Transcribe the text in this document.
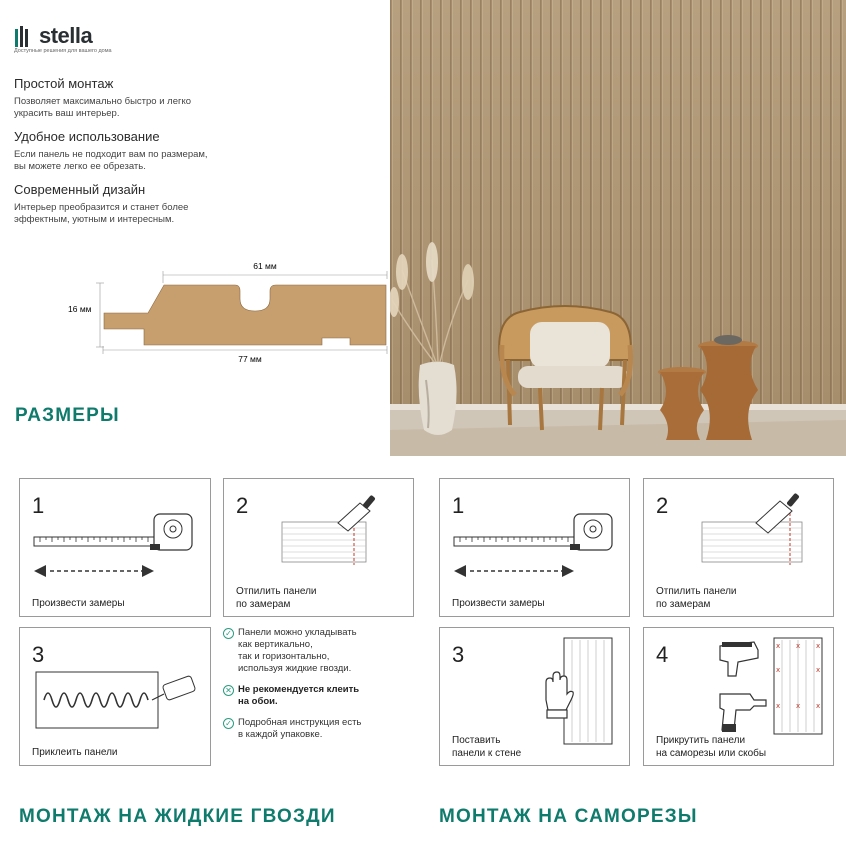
stella
Доступные решения для вашего дома
Простой монтаж

Позволяет максимально быстро и легко
украсить ваш интерьер.

Удобное использование

Если панель не подходит вам по размерам,
вы можете легко ее обрезать.

Современный дизайн

Интерьер преобразится и станет более
эффектным, уютным и интересным.

61 мм
16 мм
77 мм
РАЗМЕРЫ
1
Произвести замеры
2
Отпилить панели
по замерам
3
Приклеить панели
✓ Панели можно укладывать
как вертикально,
так и горизонтально,
используя жидкие гвозди.
✕ Не рекомендуется клеить
на обои.
✓ Подробная инструкция есть
в каждой упаковке.
1
Произвести замеры
2
Отпилить панели
по замерам
3
Поставить
панели к стене
4	x x x
x	x
x x x
Прикрутить панели
на саморезы или скобы
МОНТАЖ НА ЖИДКИЕ ГВОЗДИ	МОНТАЖ НА САМОРЕЗЫ
